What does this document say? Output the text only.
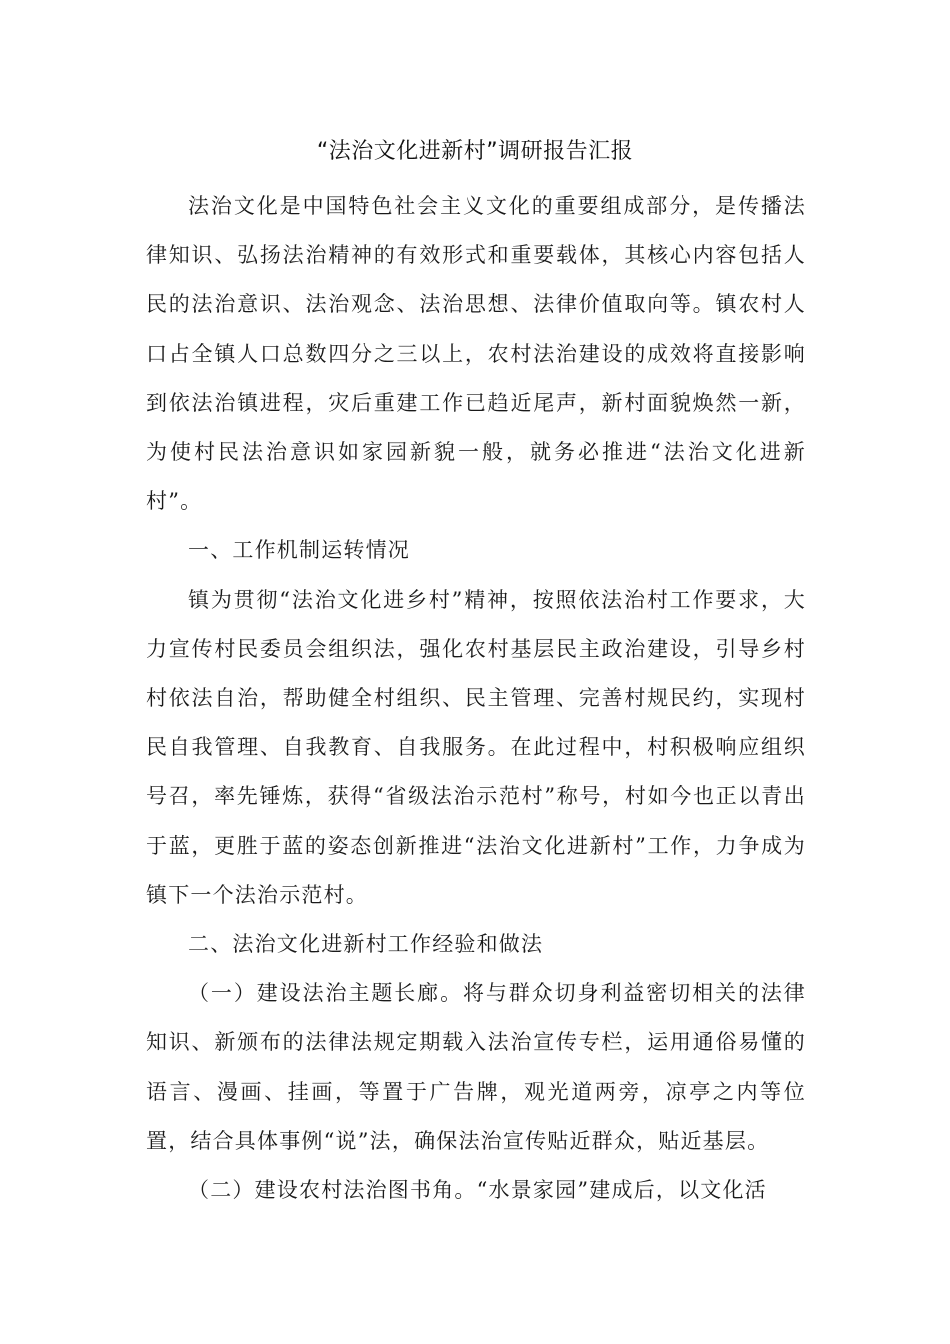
“法治文化进新村”调研报告汇报

法治文化是中国特色社会主义文化的重要组成部分，是传播法律知识、弘扬法治精神的有效形式和重要载体，其核心内容包括人民的法治意识、法治观念、法治思想、法律价值取向等。镇农村人口占全镇人口总数四分之三以上，农村法治建设的成效将直接影响到依法治镇进程，灾后重建工作已趋近尾声，新村面貌焕然一新，为使村民法治意识如家园新貌一般，就务必推进“法治文化进新村”。

一、工作机制运转情况

镇为贯彻“法治文化进乡村”精神，按照依法治村工作要求，大力宣传村民委员会组织法，强化农村基层民主政治建设，引导乡村村依法自治，帮助健全村组织、民主管理、完善村规民约，实现村民自我管理、自我教育、自我服务。在此过程中，村积极响应组织号召，率先锤炼，获得“省级法治示范村”称号，村如今也正以青出于蓝，更胜于蓝的姿态创新推进“法治文化进新村”工作，力争成为镇下一个法治示范村。

二、法治文化进新村工作经验和做法

（一）建设法治主题长廊。将与群众切身利益密切相关的法律知识、新颁布的法律法规定期载入法治宣传专栏，运用通俗易懂的语言、漫画、挂画，等置于广告牌，观光道两旁，凉亭之内等位置，结合具体事例“说”法，确保法治宣传贴近群众，贴近基层。

（二）建设农村法治图书角。“水景家园”建成后，以文化活
